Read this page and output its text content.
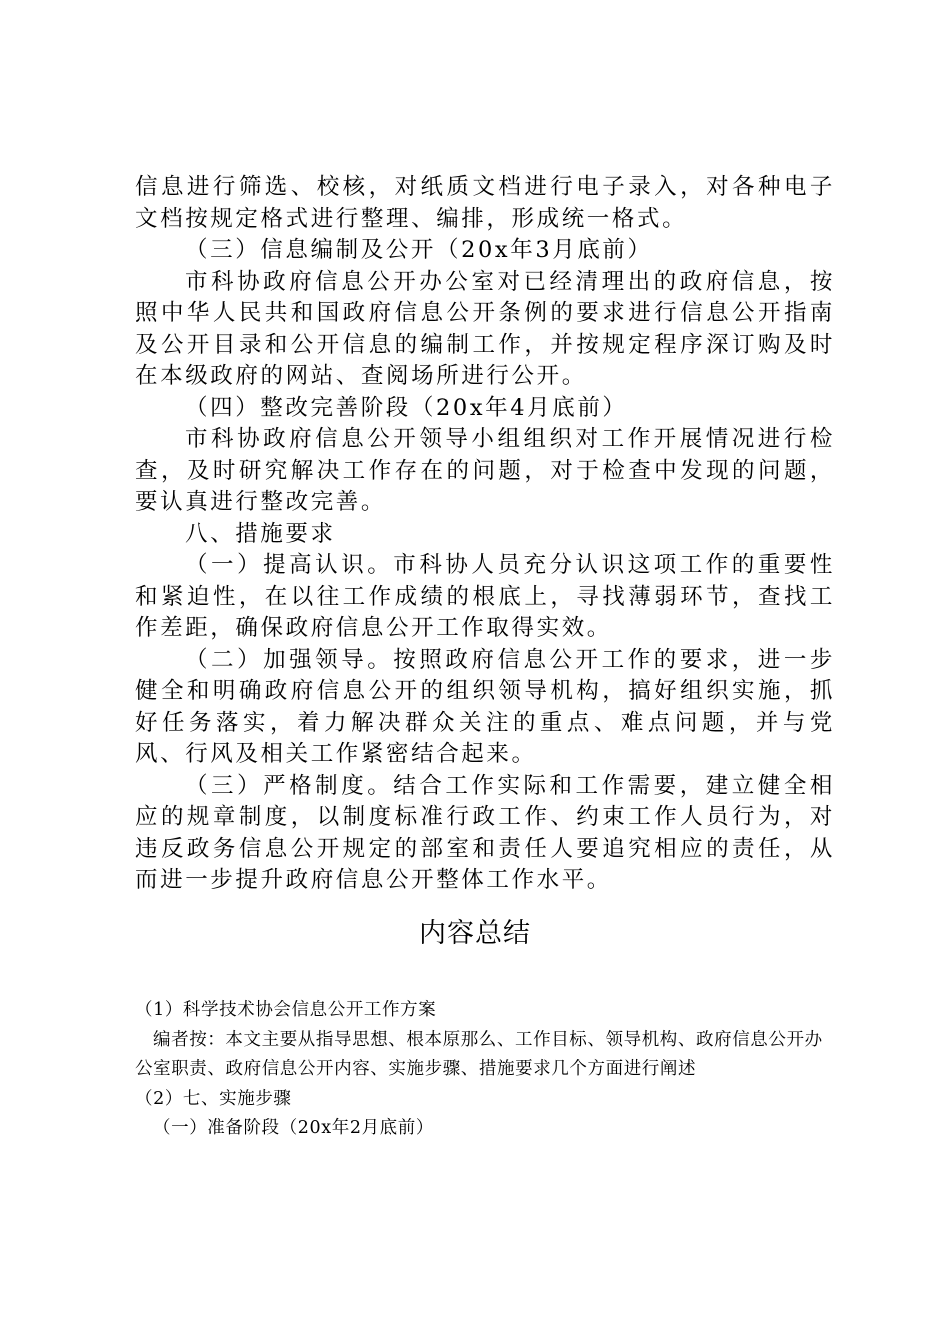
信息进行筛选、校核，对纸质文档进行电子录入，对各种电子文档按规定格式进行整理、编排，形成统一格式。

（三）信息编制及公开（20x年3月底前）

市科协政府信息公开办公室对已经清理出的政府信息，按照中华人民共和国政府信息公开条例的要求进行信息公开指南及公开目录和公开信息的编制工作，并按规定程序深订购及时在本级政府的网站、查阅场所进行公开。

（四）整改完善阶段（20x年4月底前）

市科协政府信息公开领导小组组织对工作开展情况进行检查，及时研究解决工作存在的问题，对于检查中发现的问题，要认真进行整改完善。

八、措施要求

（一）提高认识。市科协人员充分认识这项工作的重要性和紧迫性，在以往工作成绩的根底上，寻找薄弱环节，查找工作差距，确保政府信息公开工作取得实效。

（二）加强领导。按照政府信息公开工作的要求，进一步健全和明确政府信息公开的组织领导机构，搞好组织实施，抓好任务落实，着力解决群众关注的重点、难点问题，并与党风、行风及相关工作紧密结合起来。

（三）严格制度。结合工作实际和工作需要，建立健全相应的规章制度，以制度标准行政工作、约束工作人员行为，对违反政务信息公开规定的部室和责任人要追究相应的责任，从而进一步提升政府信息公开整体工作水平。

内容总结

（1）科学技术协会信息公开工作方案

编者按：本文主要从指导思想、根本原那么、工作目标、领导机构、政府信息公开办公室职责、政府信息公开内容、实施步骤、措施要求几个方面进行阐述

（2）七、实施步骤

（一）准备阶段（20x年2月底前）
